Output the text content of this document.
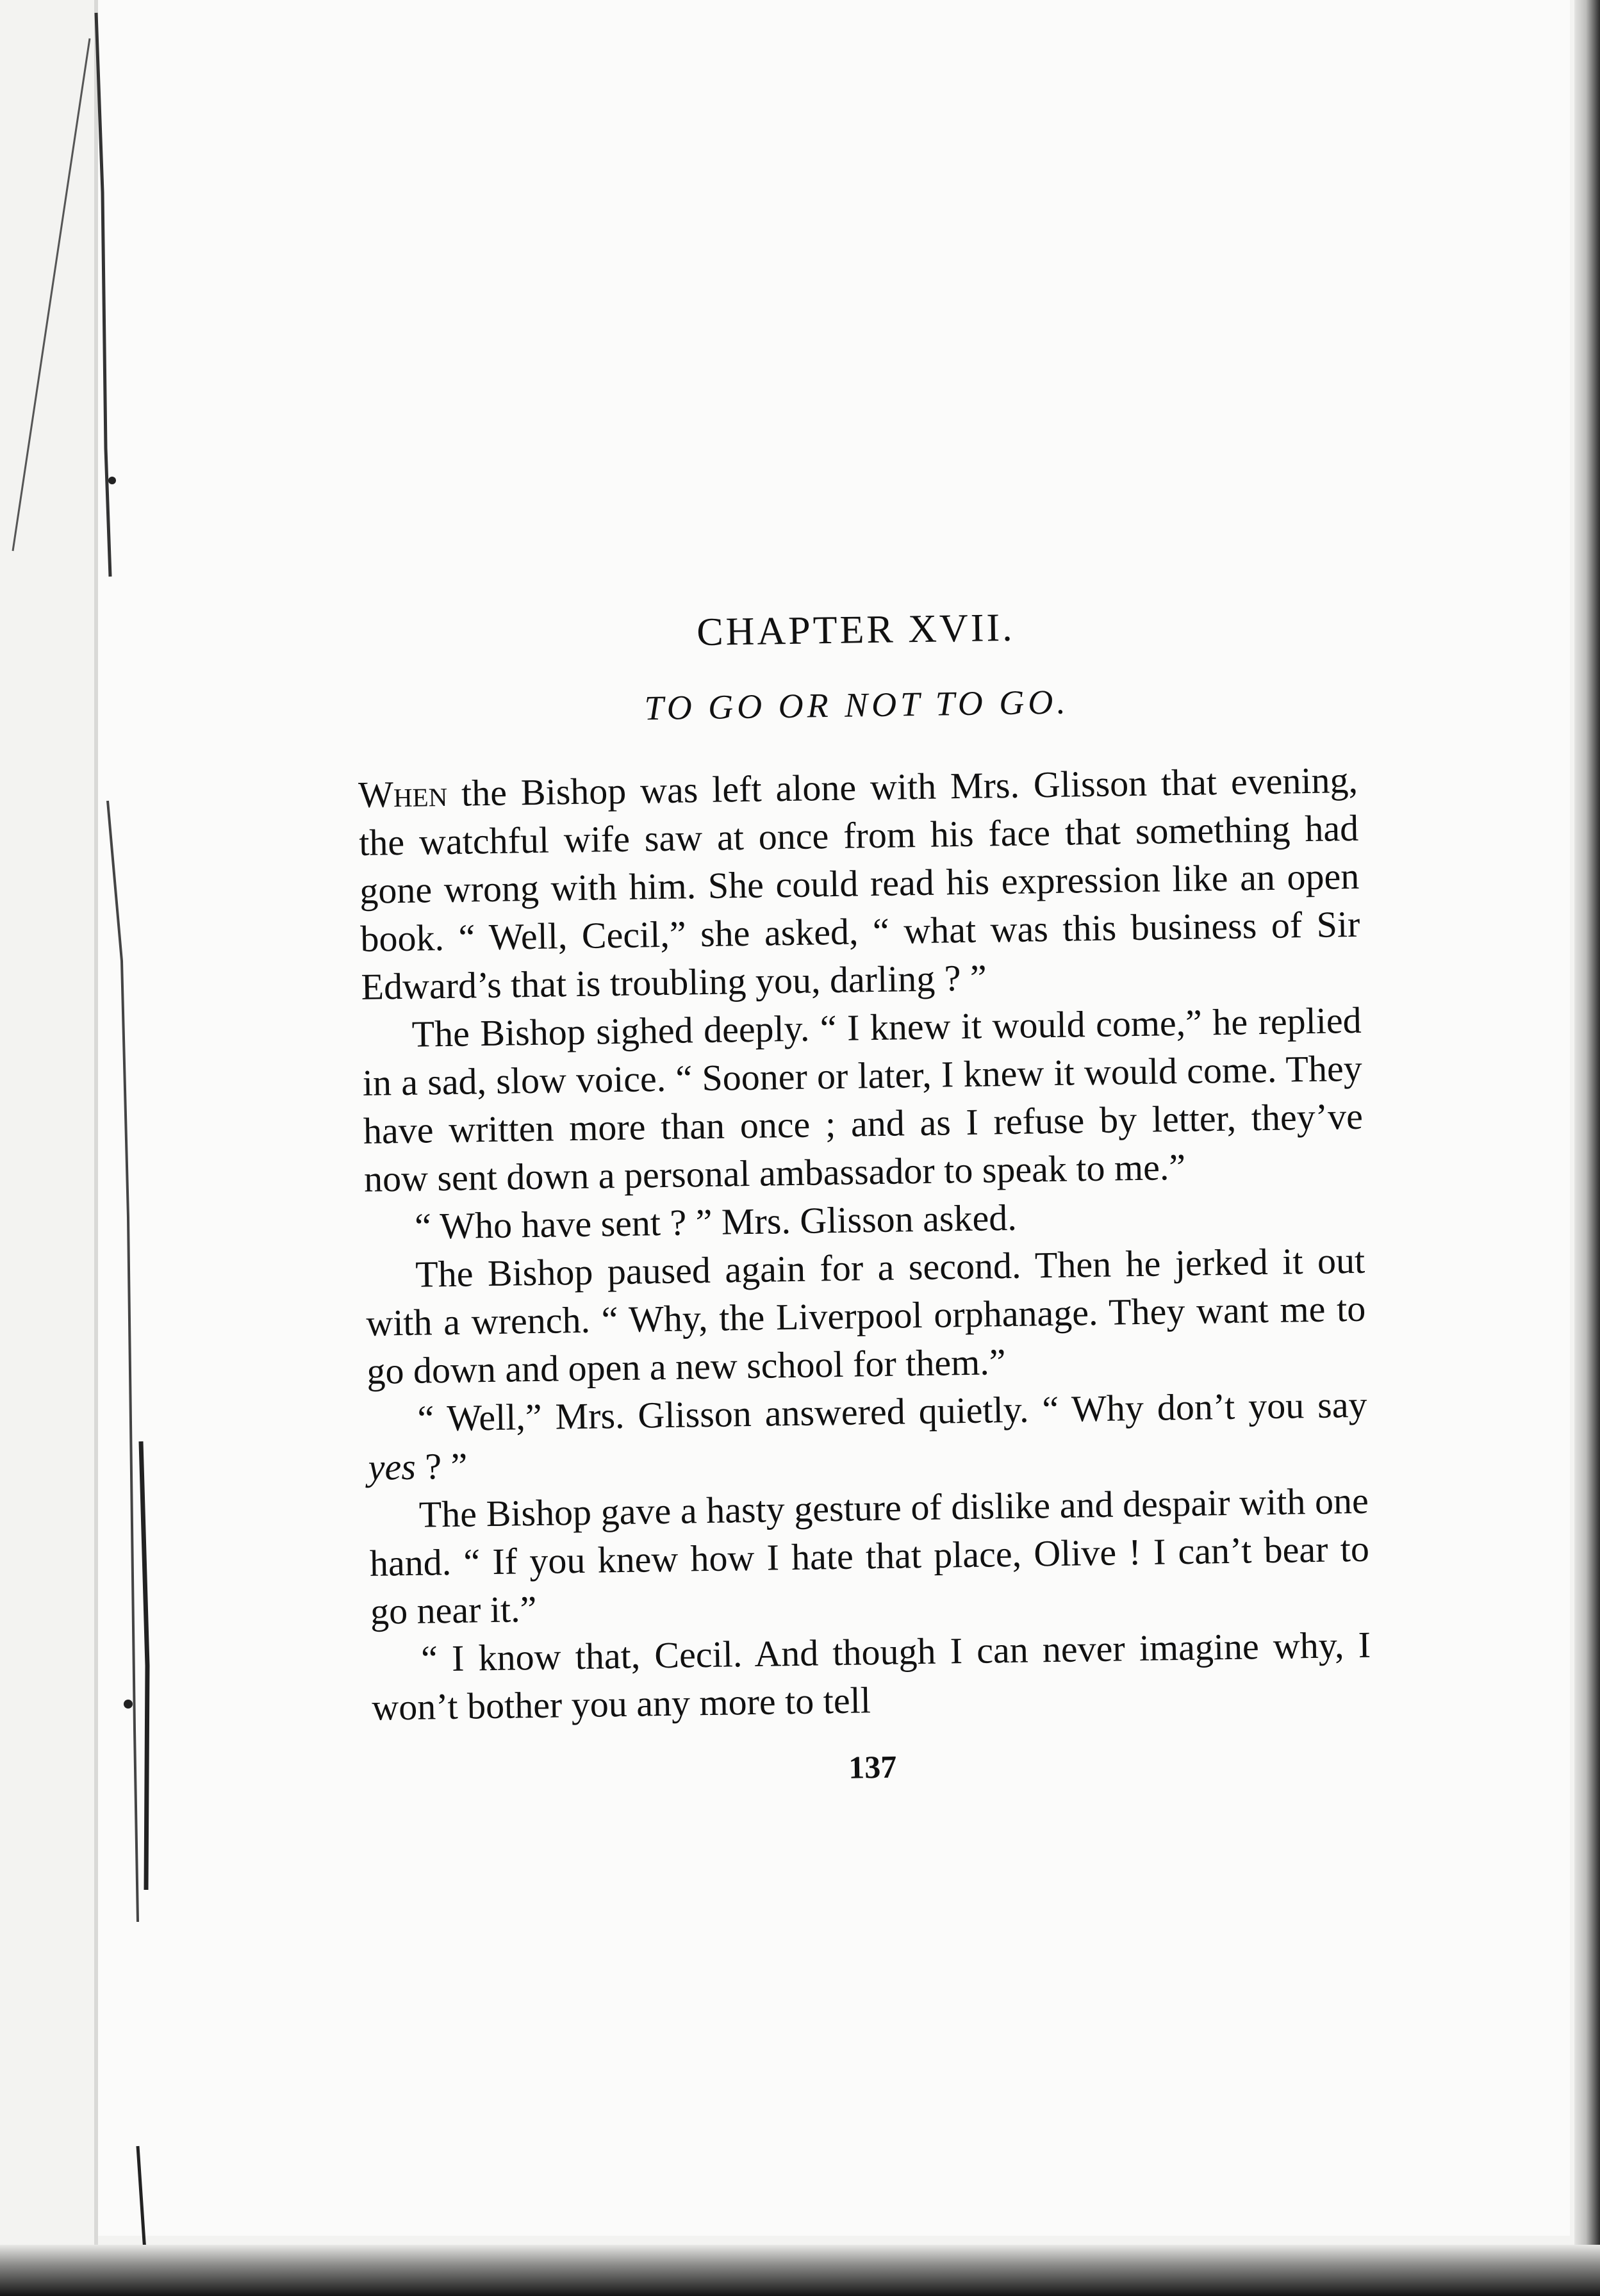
CHAPTER XVII.
TO GO OR NOT TO GO.

When the Bishop was left alone with Mrs. Glisson that evening, the watchful wife saw at once from his face that something had gone wrong with him. She could read his expression like an open book. “ Well, Cecil,” she asked, “ what was this business of Sir Edward’s that is troubling you, darling ? ”

The Bishop sighed deeply. “ I knew it would come,” he replied in a sad, slow voice. “ Sooner or later, I knew it would come. They have written more than once ; and as I refuse by letter, they’ve now sent down a personal ambassador to speak to me.”

“ Who have sent ? ” Mrs. Glisson asked.

The Bishop paused again for a second. Then he jerked it out with a wrench. “ Why, the Liverpool orphanage. They want me to go down and open a new school for them.”

“ Well,” Mrs. Glisson answered quietly. “ Why don’t you say yes ? ”

The Bishop gave a hasty gesture of dislike and despair with one hand. “ If you knew how I hate that place, Olive ! I can’t bear to go near it.”

“ I know that, Cecil. And though I can never imagine why, I won’t bother you any more to tell

137
